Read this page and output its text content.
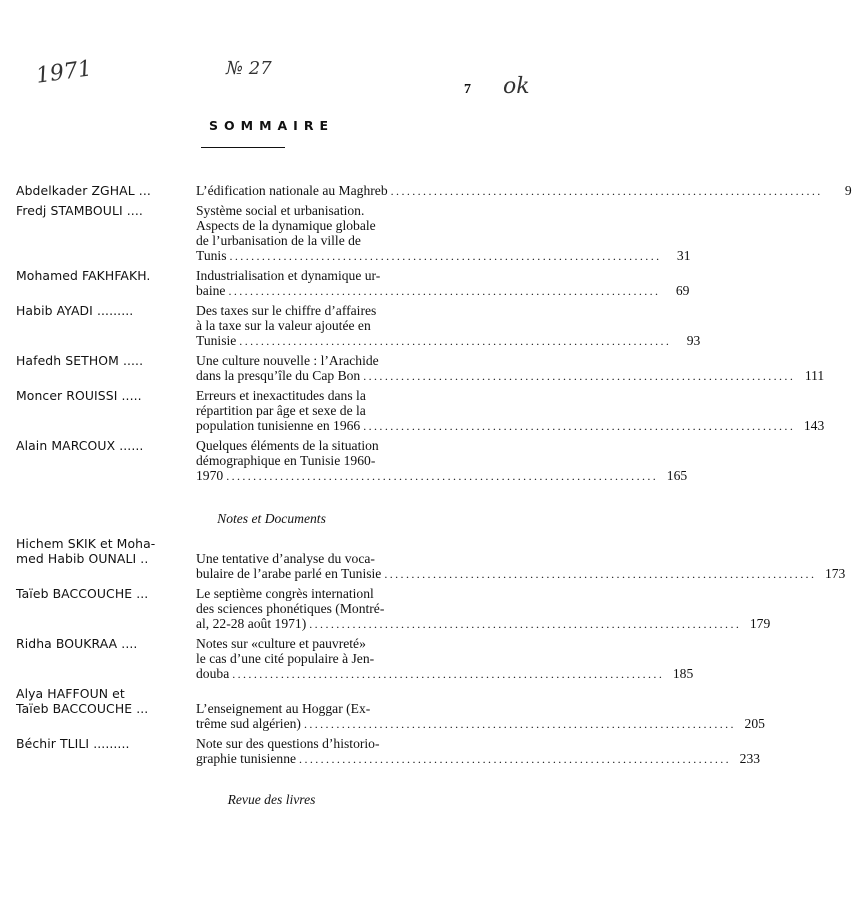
1971	№ 27
ok
7
SOMMAIRE
Abdelkader ZGHAL ...	L’édification nationale au Maghreb ................................................................................	9
Fredj STAMBOULI ....	Système social et urbanisation.
Aspects de la dynamique globale
de l’urbanisation de la ville de
Tunis ................................................................................	31
Mohamed FAKHFAKH.	Industrialisation et dynamique ur-
baine ................................................................................	69
Habib AYADI .........	Des taxes sur le chiffre d’affaires
à la taxe sur la valeur ajoutée en
Tunisie ................................................................................	93
Hafedh SETHOM .....	Une culture nouvelle : l’Arachide
dans la presqu’île du Cap Bon ................................................................................ 111
Moncer ROUISSI .....	Erreurs et inexactitudes dans la
répartition par âge et sexe de la
population tunisienne en 1966 ................................................................................ 143
Alain MARCOUX ......	Quelques éléments de la situation
démographique en Tunisie 1960-
1970 ................................................................................ 165
Notes et Documents
Hichem SKIK et Moha-
med Habib OUNALI ..
	Une tentative d’analyse du voca-
bulaire de l’arabe parlé en Tunisie ................................................................................ 173
Taïeb BACCOUCHE ...	Le septième congrès internationl
des sciences phonétiques (Montré-
al, 22-28 août 1971) ................................................................................ 179
Ridha BOUKRAA ....	Notes sur «culture et pauvreté»
le cas d’une cité populaire à Jen-
douba ................................................................................ 185
Alya HAFFOUN et
Taïeb BACCOUCHE ...
	L’enseignement au Hoggar (Ex-
trême sud algérien) ................................................................................ 205
Béchir TLILI .........	Note sur des questions d’historio-
graphie tunisienne ................................................................................ 233
Revue des livres
